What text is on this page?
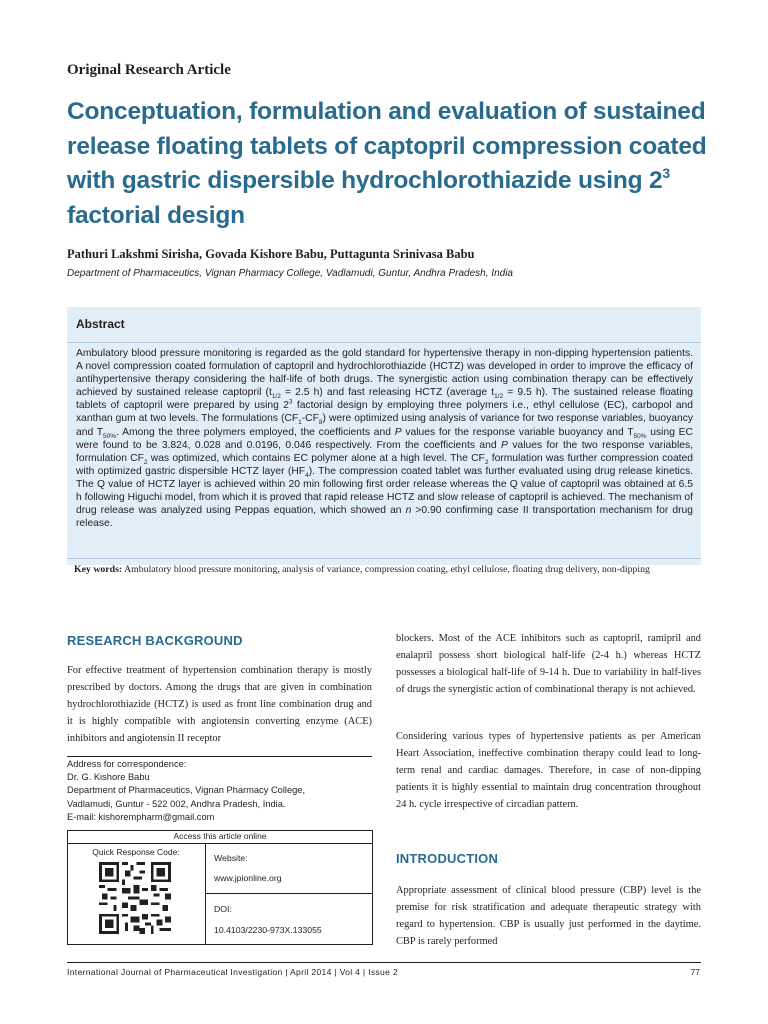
Original Research Article
Conceptuation, formulation and evaluation of sustained release floating tablets of captopril compression coated with gastric dispersible hydrochlorothiazide using $2^3$ factorial design
Pathuri Lakshmi Sirisha, Govada Kishore Babu, Puttagunta Srinivasa Babu
Department of Pharmaceutics, Vignan Pharmacy College, Vadlamudi, Guntur, Andhra Pradesh, India
Abstract
Ambulatory blood pressure monitoring is regarded as the gold standard for hypertensive therapy in non-dipping hypertension patients. A novel compression coated formulation of captopril and hydrochlorothiazide (HCTZ) was developed in order to improve the efficacy of antihypertensive therapy considering the half-life of both drugs. The synergistic action using combination therapy can be effectively achieved by sustained release captopril ($t_{1/2} = 2.5$ h) and fast releasing HCTZ (average $t_{1/2} = 9.5$ h). The sustained release floating tablets of captopril were prepared by using $2^3$ factorial design by employing three polymers i.e., ethyl cellulose (EC), carbopol and xanthan gum at two levels. The formulations $(CF_1-CF_8)$ were optimized using analysis of variance for two response variables, buoyancy and $T_{50\%}$. Among the three polymers employed, the coefficients and P values for the response variable buoyancy and $T_{50\%}$ using EC were found to be 3.824, 0.028 and 0.0196, 0.046 respectively. From the coefficients and P values for the two response variables, formulation $CF_2$ was optimized, which contains EC polymer alone at a high level. The $CF_2$ formulation was further compression coated with optimized gastric dispersible HCTZ layer $(HF_4)$. The compression coated tablet was further evaluated using drug release kinetics. The Q value of HCTZ layer is achieved within 20 min following first order release whereas the Q value of captopril was obtained at 6.5 h following Higuchi model, from which it is proved that rapid release HCTZ and slow release of captopril is achieved. The mechanism of drug release was analyzed using Peppas equation, which showed an n >0.90 confirming case II transportation mechanism for drug release.
Key words: Ambulatory blood pressure monitoring, analysis of variance, compression coating, ethyl cellulose, floating drug delivery, non-dipping
RESEARCH BACKGROUND
For effective treatment of hypertension combination therapy is mostly prescribed by doctors. Among the drugs that are given in combination hydrochlorothiazide (HCTZ) is used as front line combination drug and it is highly compatible with angiotensin converting enzyme (ACE) inhibitors and angiotensin II receptor
Address for correspondence:
Dr. G. Kishore Babu
Department of Pharmaceutics, Vignan Pharmacy College,
Vadlamudi, Guntur - 522 002, Andhra Pradesh, India.
E-mail: kishorempharm@gmail.com
Access this article online
Quick Response Code:
Website:
www.jpionline.org
DOI:
10.4103/2230-973X.133055
blockers. Most of the ACE inhibitors such as captopril, ramipril and enalapril possess short biological half-life (2-4 h.) whereas HCTZ possesses a biological half-life of 9-14 h. Due to variability in half-lives of drugs the synergistic action of combinational therapy is not achieved.
Considering various types of hypertensive patients as per American Heart Association, ineffective combination therapy could lead to long-term renal and cardiac damages. Therefore, in case of non-dipping patients it is highly essential to maintain drug concentration throughout 24 h. cycle irrespective of circadian pattern.
INTRODUCTION
Appropriate assessment of clinical blood pressure (CBP) level is the premise for risk stratification and adequate therapeutic strategy with regard to hypertension. CBP is usually just performed in the daytime. CBP is rarely performed
International Journal of Pharmaceutical Investigation | April 2014 | Vol 4 | Issue 2	77
